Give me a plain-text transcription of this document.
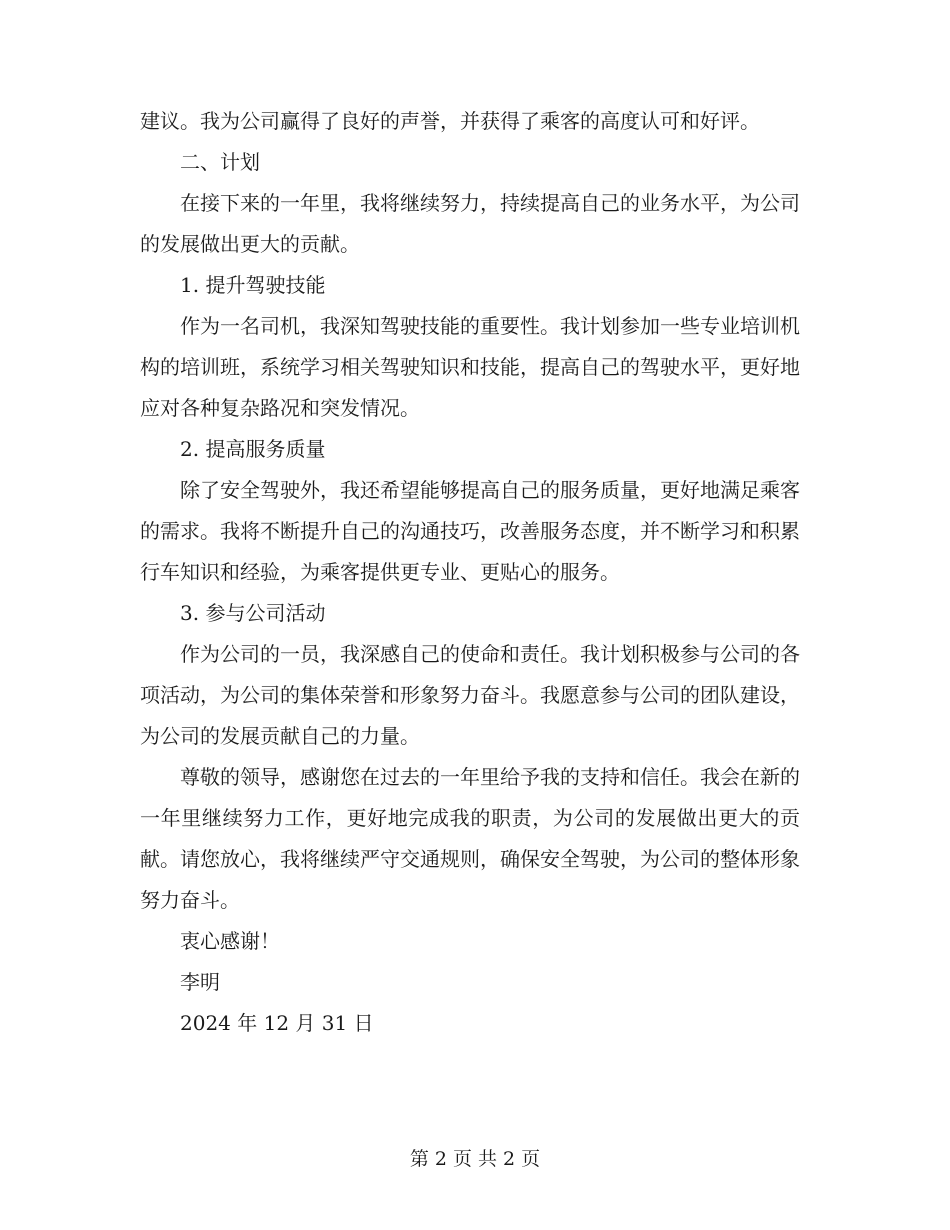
建议。我为公司赢得了良好的声誉，并获得了乘客的高度认可和好评。

二、计划

在接下来的一年里，我将继续努力，持续提高自己的业务水平，为公司的发展做出更大的贡献。

1. 提升驾驶技能

作为一名司机，我深知驾驶技能的重要性。我计划参加一些专业培训机构的培训班，系统学习相关驾驶知识和技能，提高自己的驾驶水平，更好地应对各种复杂路况和突发情况。

2. 提高服务质量

除了安全驾驶外，我还希望能够提高自己的服务质量，更好地满足乘客的需求。我将不断提升自己的沟通技巧，改善服务态度，并不断学习和积累行车知识和经验，为乘客提供更专业、更贴心的服务。

3. 参与公司活动

作为公司的一员，我深感自己的使命和责任。我计划积极参与公司的各项活动，为公司的集体荣誉和形象努力奋斗。我愿意参与公司的团队建设，为公司的发展贡献自己的力量。

尊敬的领导，感谢您在过去的一年里给予我的支持和信任。我会在新的一年里继续努力工作，更好地完成我的职责，为公司的发展做出更大的贡献。请您放心，我将继续严守交通规则，确保安全驾驶，为公司的整体形象努力奋斗。

衷心感谢！

李明

2024 年 12 月 31 日

第 2 页 共 2 页
